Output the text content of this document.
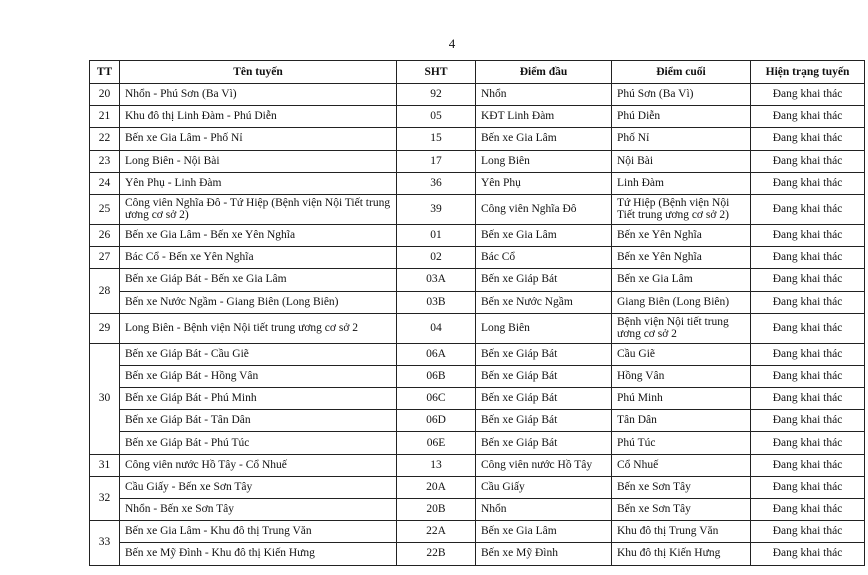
4
TT	Tên tuyến	SHT	Điểm đầu	Điểm cuối	Hiện trạng tuyến
20	Nhổn - Phú Sơn (Ba Vì)	92	Nhổn	Phú Sơn (Ba Vì)	Đang khai thác
21	Khu đô thị Linh Đàm - Phú Diễn	05	KĐT Linh Đàm	Phú Diễn	Đang khai thác
22	Bến xe Gia Lâm - Phố Nỉ	15	Bến xe Gia Lâm	Phố Nỉ	Đang khai thác
23	Long Biên - Nội Bài	17	Long Biên	Nội Bài	Đang khai thác
24	Yên Phụ - Linh Đàm	36	Yên Phụ	Linh Đàm	Đang khai thác
25	Công viên Nghĩa Đô - Tứ Hiệp (Bệnh viện Nội Tiết trung ương cơ sở 2)	39	Công viên Nghĩa Đô	Tứ Hiệp (Bệnh viện Nội Tiết trung ương cơ sở 2)	Đang khai thác
26	Bến xe Gia Lâm - Bến xe Yên Nghĩa	01	Bến xe Gia Lâm	Bến xe Yên Nghĩa	Đang khai thác
27	Bác Cổ - Bến xe Yên Nghĩa	02	Bác Cổ	Bến xe Yên Nghĩa	Đang khai thác
28	Bến xe Giáp Bát - Bến xe Gia Lâm	03A	Bến xe Giáp Bát	Bến xe Gia Lâm	Đang khai thác
	Bến xe Nước Ngầm - Giang Biên (Long Biên)	03B	Bến xe Nước Ngầm	Giang Biên (Long Biên)	Đang khai thác
29	Long Biên - Bệnh viện Nội tiết trung ương cơ sở 2	04	Long Biên	Bệnh viện Nội tiết trung ương cơ sở 2	Đang khai thác
30	Bến xe Giáp Bát - Cầu Giẽ	06A	Bến xe Giáp Bát	Cầu Giẽ	Đang khai thác
	Bến xe Giáp Bát - Hồng Vân	06B	Bến xe Giáp Bát	Hồng Vân	Đang khai thác
	Bến xe Giáp Bát - Phú Minh	06C	Bến xe Giáp Bát	Phú Minh	Đang khai thác
	Bến xe Giáp Bát - Tân Dân	06D	Bến xe Giáp Bát	Tân Dân	Đang khai thác
	Bến xe Giáp Bát - Phú Túc	06E	Bến xe Giáp Bát	Phú Túc	Đang khai thác
31	Công viên nước Hồ Tây - Cổ Nhuế	13	Công viên nước Hồ Tây	Cổ Nhuế	Đang khai thác
32	Cầu Giấy - Bến xe Sơn Tây	20A	Cầu Giấy	Bến xe Sơn Tây	Đang khai thác
	Nhổn - Bến xe Sơn Tây	20B	Nhổn	Bến xe Sơn Tây	Đang khai thác
33	Bến xe Gia Lâm - Khu đô thị Trung Văn	22A	Bến xe Gia Lâm	Khu đô thị Trung Văn	Đang khai thác
	Bến xe Mỹ Đình - Khu đô thị Kiến Hưng	22B	Bến xe Mỹ Đình	Khu đô thị Kiến Hưng	Đang khai thác
